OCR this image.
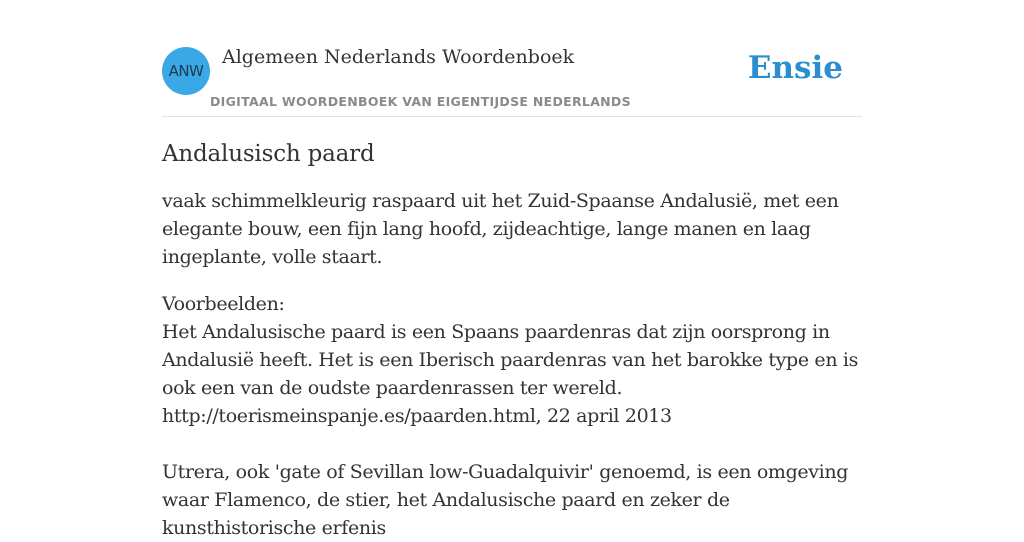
ANW
Algemeen Nederlands Woordenboek
DIGITAAL WOORDENBOEK VAN EIGENTIJDSE NEDERLANDS
Ensie
Andalusisch paard

vaak schimmelkleurig raspaard uit het Zuid-Spaanse Andalusië, met een elegante bouw, een fijn lang hoofd, zijdeachtige, lange manen en laag ingeplante, volle staart.

Voorbeelden:

Het Andalusische paard is een Spaans paardenras dat zijn oorsprong in Andalusië heeft. Het is een Iberisch paardenras van het barokke type en is ook een van de oudste paardenrassen ter wereld.

http://toerismeinspanje.es/paarden.html, 22 april 2013

Utrera, ook 'gate of Sevillan low-Guadalquivir' genoemd, is een omgeving waar Flamenco, de stier, het Andalusische paard en zeker de kunsthistorische erfenis
